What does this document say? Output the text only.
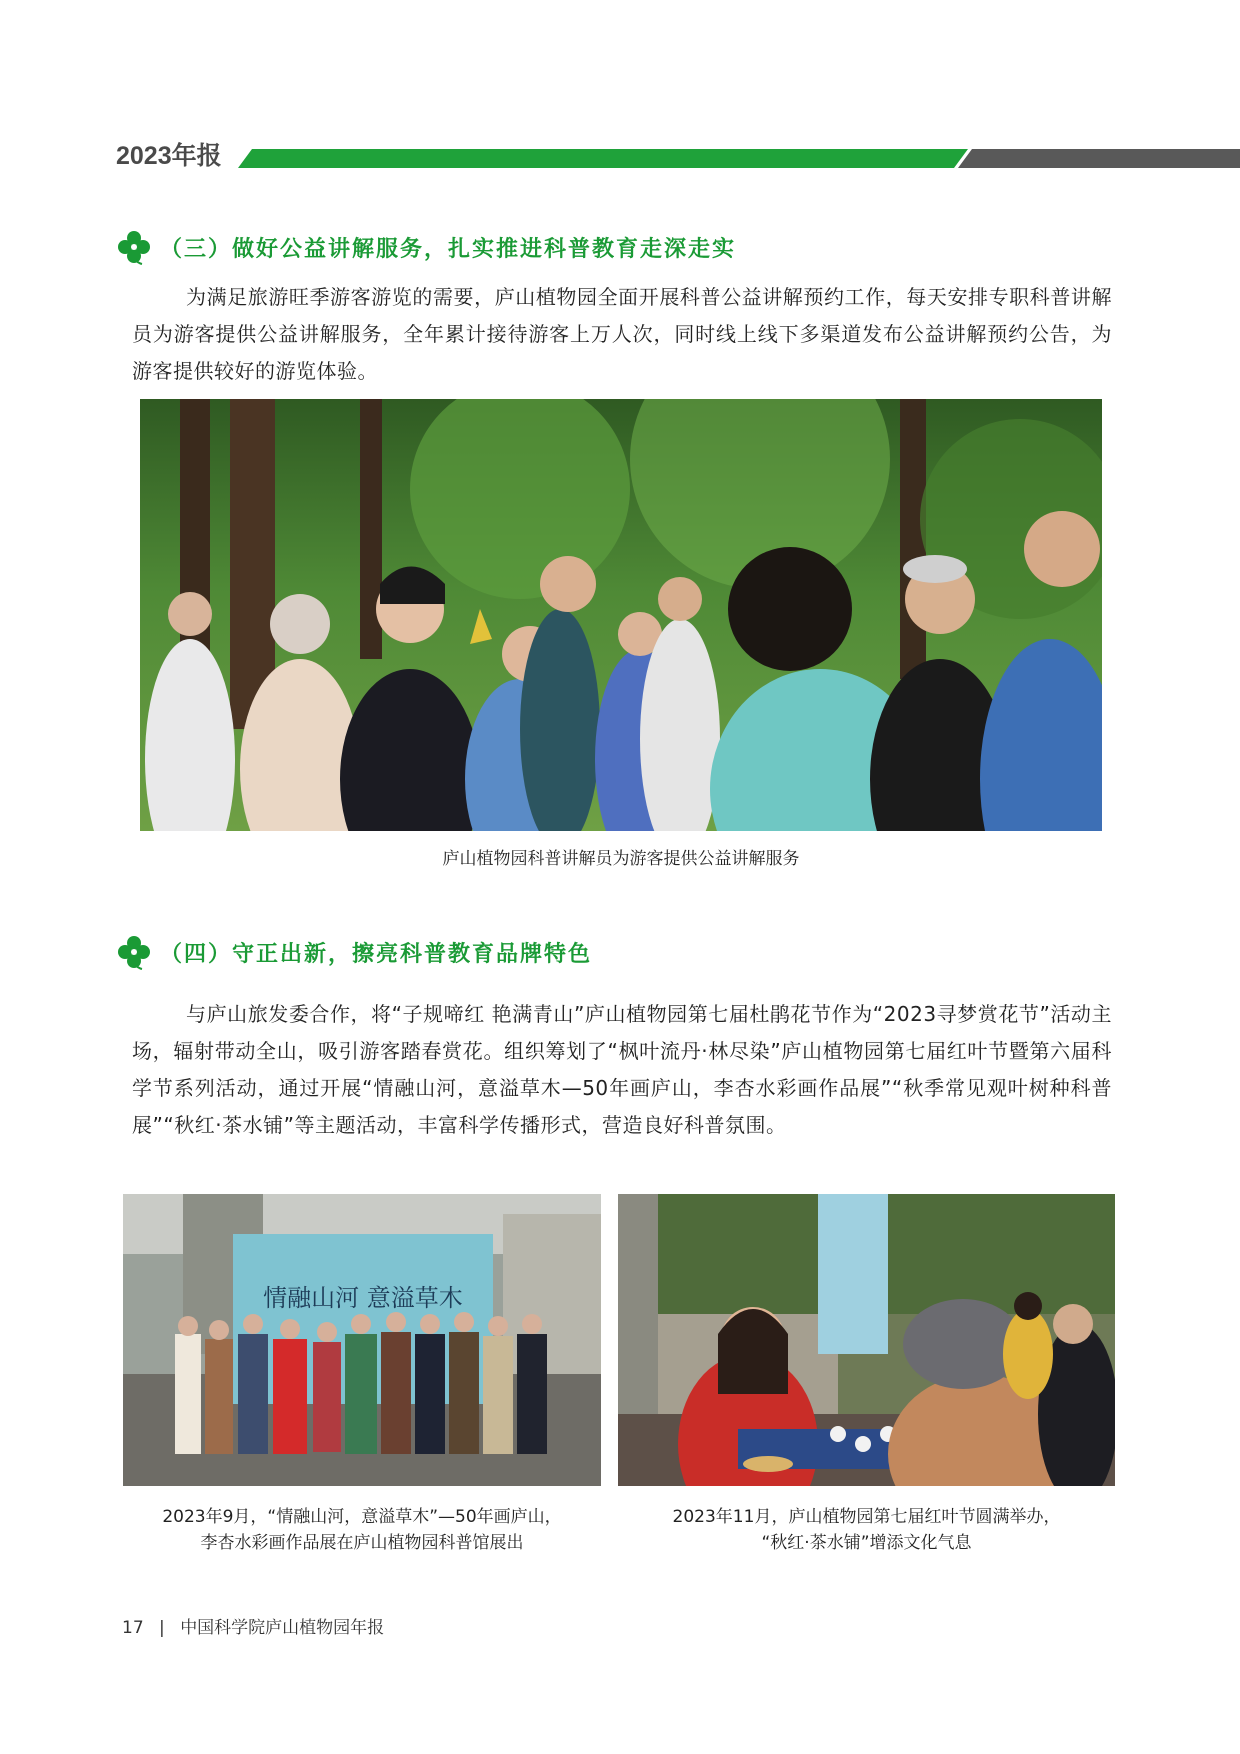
2023年报
（三）做好公益讲解服务，扎实推进科普教育走深走实
为满足旅游旺季游客游览的需要，庐山植物园全面开展科普公益讲解预约工作，每天安排专职科普讲解员为游客提供公益讲解服务，全年累计接待游客上万人次，同时线上线下多渠道发布公益讲解预约公告，为游客提供较好的游览体验。
庐山植物园科普讲解员为游客提供公益讲解服务
（四）守正出新，擦亮科普教育品牌特色
与庐山旅发委合作，将“子规啼红 艳满青山”庐山植物园第七届杜鹃花节作为“2023寻梦赏花节”活动主场，辐射带动全山，吸引游客踏春赏花。组织筹划了“枫叶流丹·林尽染”庐山植物园第七届红叶节暨第六届科学节系列活动，通过开展“情融山河，意溢草木—50年画庐山，李杏水彩画作品展”“秋季常见观叶树种科普展”“秋红·茶水铺”等主题活动，丰富科学传播形式，营造良好科普氛围。
情融山河 意溢草木
2023年9月，“情融山河，意溢草木”—50年画庐山，
李杏水彩画作品展在庐山植物园科普馆展出
2023年11月，庐山植物园第七届红叶节圆满举办，
“秋红·茶水铺”增添文化气息
17 | 中国科学院庐山植物园年报
